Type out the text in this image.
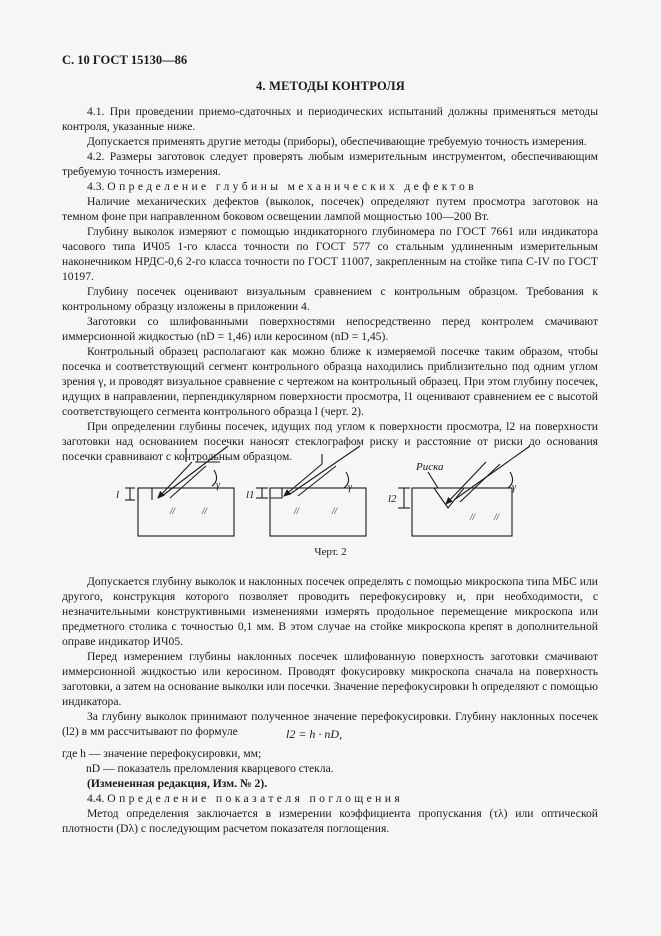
С. 10 ГОСТ 15130—86
4. МЕТОДЫ КОНТРОЛЯ

4.1. При проведении приемо-сдаточных и периодических испытаний должны применяться методы контроля, указанные ниже.

Допускается применять другие методы (приборы), обеспечивающие требуемую точность измерения.

4.2. Размеры заготовок следует проверять любым измерительным инструментом, обеспечивающим требуемую точность измерения.

4.3. Определение глубины механических дефектов

Наличие механических дефектов (выколок, посечек) определяют путем просмотра заготовок на темном фоне при направленном боковом освещении лампой мощностью 100—200 Вт.

Глубину выколок измеряют с помощью индикаторного глубиномера по ГОСТ 7661 или индикатора часового типа ИЧ05 1-го класса точности по ГОСТ 577 со стальным удлиненным измерительным наконечником НРДС-0,6 2-го класса точности по ГОСТ 11007, закрепленным на стойке типа С-IV по ГОСТ 10197.

Глубину посечек оценивают визуальным сравнением с контрольным образцом. Требования к контрольному образцу изложены в приложении 4.

Заготовки со шлифованными поверхностями непосредственно перед контролем смачивают иммерсионной жидкостью (nD = 1,46) или керосином (nD = 1,45).

Контрольный образец располагают как можно ближе к измеряемой посечке таким образом, чтобы посечка и соответствующий сегмент контрольного образца находились приблизительно под одним углом зрения γ, и проводят визуальное сравнение с чертежом на контрольный образец. При этом глубину посечек, идущих в направлении, перпендикулярном поверхности просмотра, l1 оценивают сравнением ее с высотой соответствующего сегмента контрольного образца l (черт. 2).

При определении глубины посечек, идущих под углом к поверхности просмотра, l2 на поверхности заготовки над основанием посечки наносят стеклографом риску и расстояние от риски до основания посечки сравнивают с контрольным образцом.

//
//	//	//
// //
l	l1	l2
Риска
γ	γ	γ
Черт. 2

Допускается глубину выколок и наклонных посечек определять с помощью микроскопа типа МБС или другого, конструкция которого позволяет проводить перефокусировку и, при необходимости, с незначительными конструктивными изменениями измерять продольное перемещение микроскопа или предметного столика с точностью 0,1 мм. В этом случае на стойке микроскопа крепят в дополнительной оправе индикатор ИЧ05.

Перед измерением глубины наклонных посечек шлифованную поверхность заготовки смачивают иммерсионной жидкостью или керосином. Проводят фокусировку микроскопа сначала на поверхность заготовки, а затем на основание выколки или посечки. Значение перефокусировки h определяют с помощью индикатора.

За глубину выколок принимают полученное значение перефокусировки. Глубину наклонных посечек (l2) в мм рассчитывают по формуле	l2 = h · nD,
где h — значение перефокусировки, мм;
nD — показатель преломления кварцевого стекла.
(Измененная редакция, Изм. № 2).

4.4. Определение показателя поглощения

Метод определения заключается в измерении коэффициента пропускания (τλ) или оптической плотности (Dλ) с последующим расчетом показателя поглощения.
